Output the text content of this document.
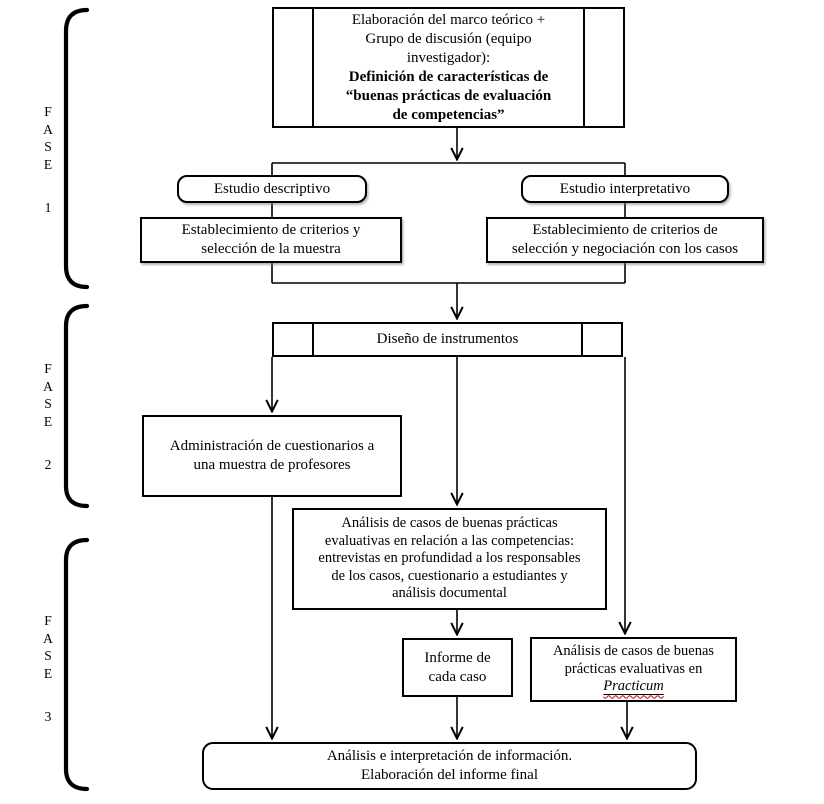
F
A
S
E
1
F
A
S
E
2
F
A
S
E
3
Elaboración del marco teórico +
Grupo de discusión (equipo
investigador):
Definición de características de
“buenas prácticas de evaluación
de competencias”
Estudio descriptivo	Estudio interpretativo
Establecimiento de criterios y
selección de la muestra
Establecimiento de criterios de
selección y negociación con los casos
Diseño de instrumentos
Administración de cuestionarios a
una muestra de profesores
Análisis de casos de buenas prácticas
evaluativas en relación a las competencias:
entrevistas en profundidad a los responsables
de los casos, cuestionario a estudiantes y
análisis documental
Informe de
cada caso
Análisis de casos de buenas
prácticas evaluativas en
Practicum
Análisis e interpretación de información.
Elaboración del informe final
